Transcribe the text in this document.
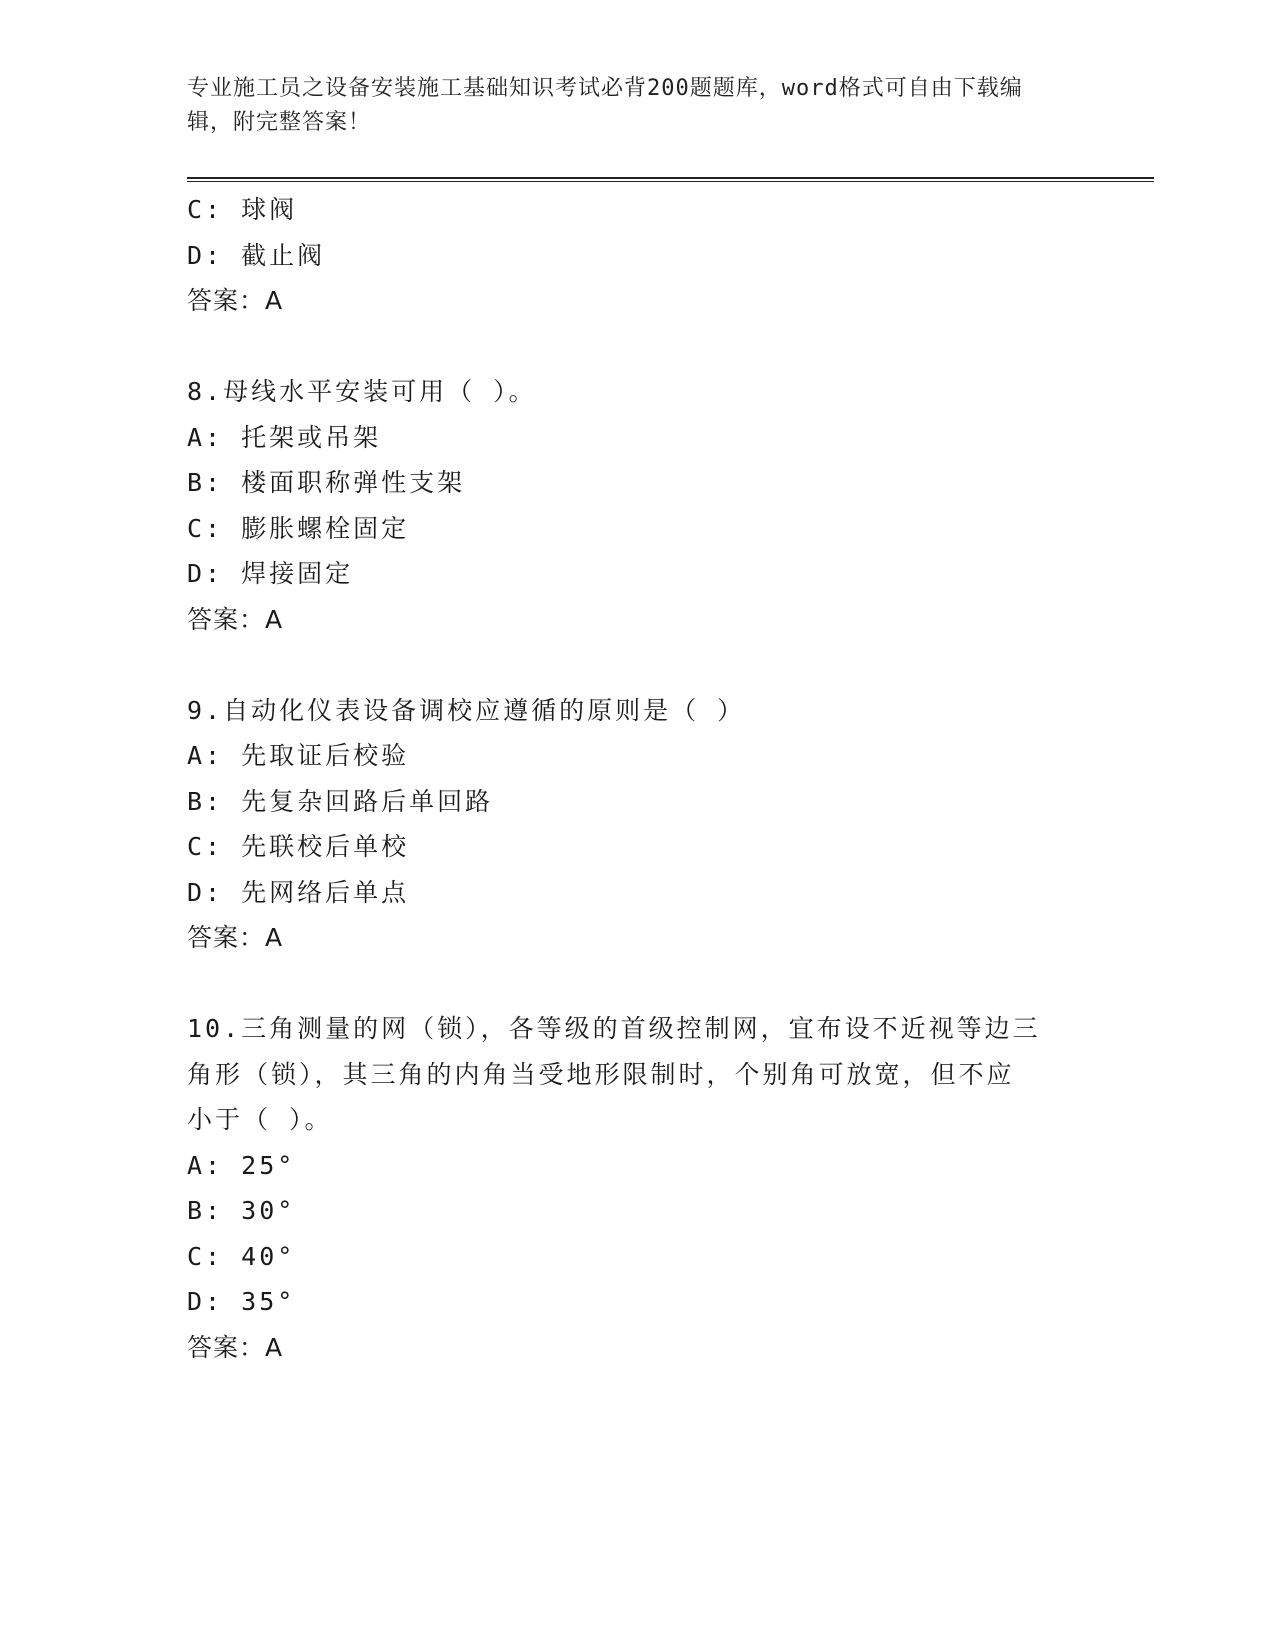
专业施工员之设备安装施工基础知识考试必背200题题库，word格式可自由下载编辑，附完整答案！
C: 球阀
D: 截止阀
答案：A
8.母线水平安装可用（ ）。
A: 托架或吊架
B: 楼面职称弹性支架
C: 膨胀螺栓固定
D: 焊接固定
答案：A
9.自动化仪表设备调校应遵循的原则是（ ）
A: 先取证后校验
B: 先复杂回路后单回路
C: 先联校后单校
D: 先网络后单点
答案：A
10.三角测量的网（锁），各等级的首级控制网，宜布设不近视等边三
角形（锁），其三角的内角当受地形限制时，个别角可放宽，但不应
小于（ ）。
A: 25°
B: 30°
C: 40°
D: 35°
答案：A
